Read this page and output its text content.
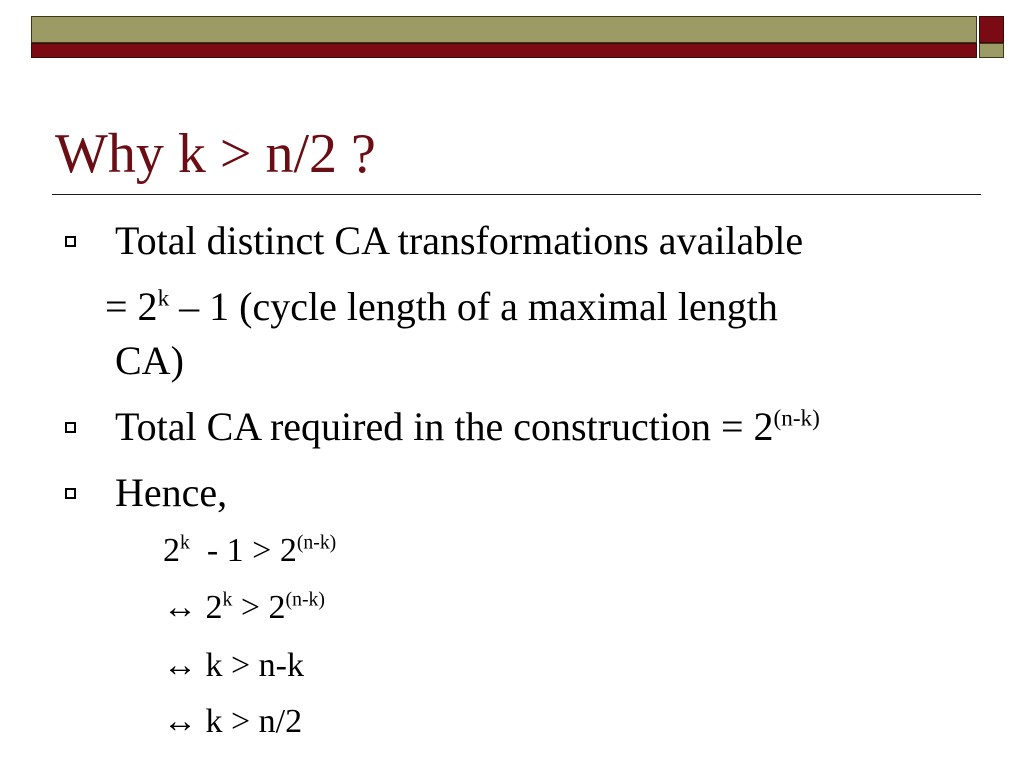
Why k > n/2 ?
Total distinct CA transformations available
= $2^k - 1$ (cycle length of a maximal length
CA)
Total CA required in the construction = $2^{(n-k)}$
Hence,
$2^k - 1 > 2^{(n-k)}$
↔ $2^k > 2^{(n-k)}$
↔ k > n-k
↔ k > n/2
